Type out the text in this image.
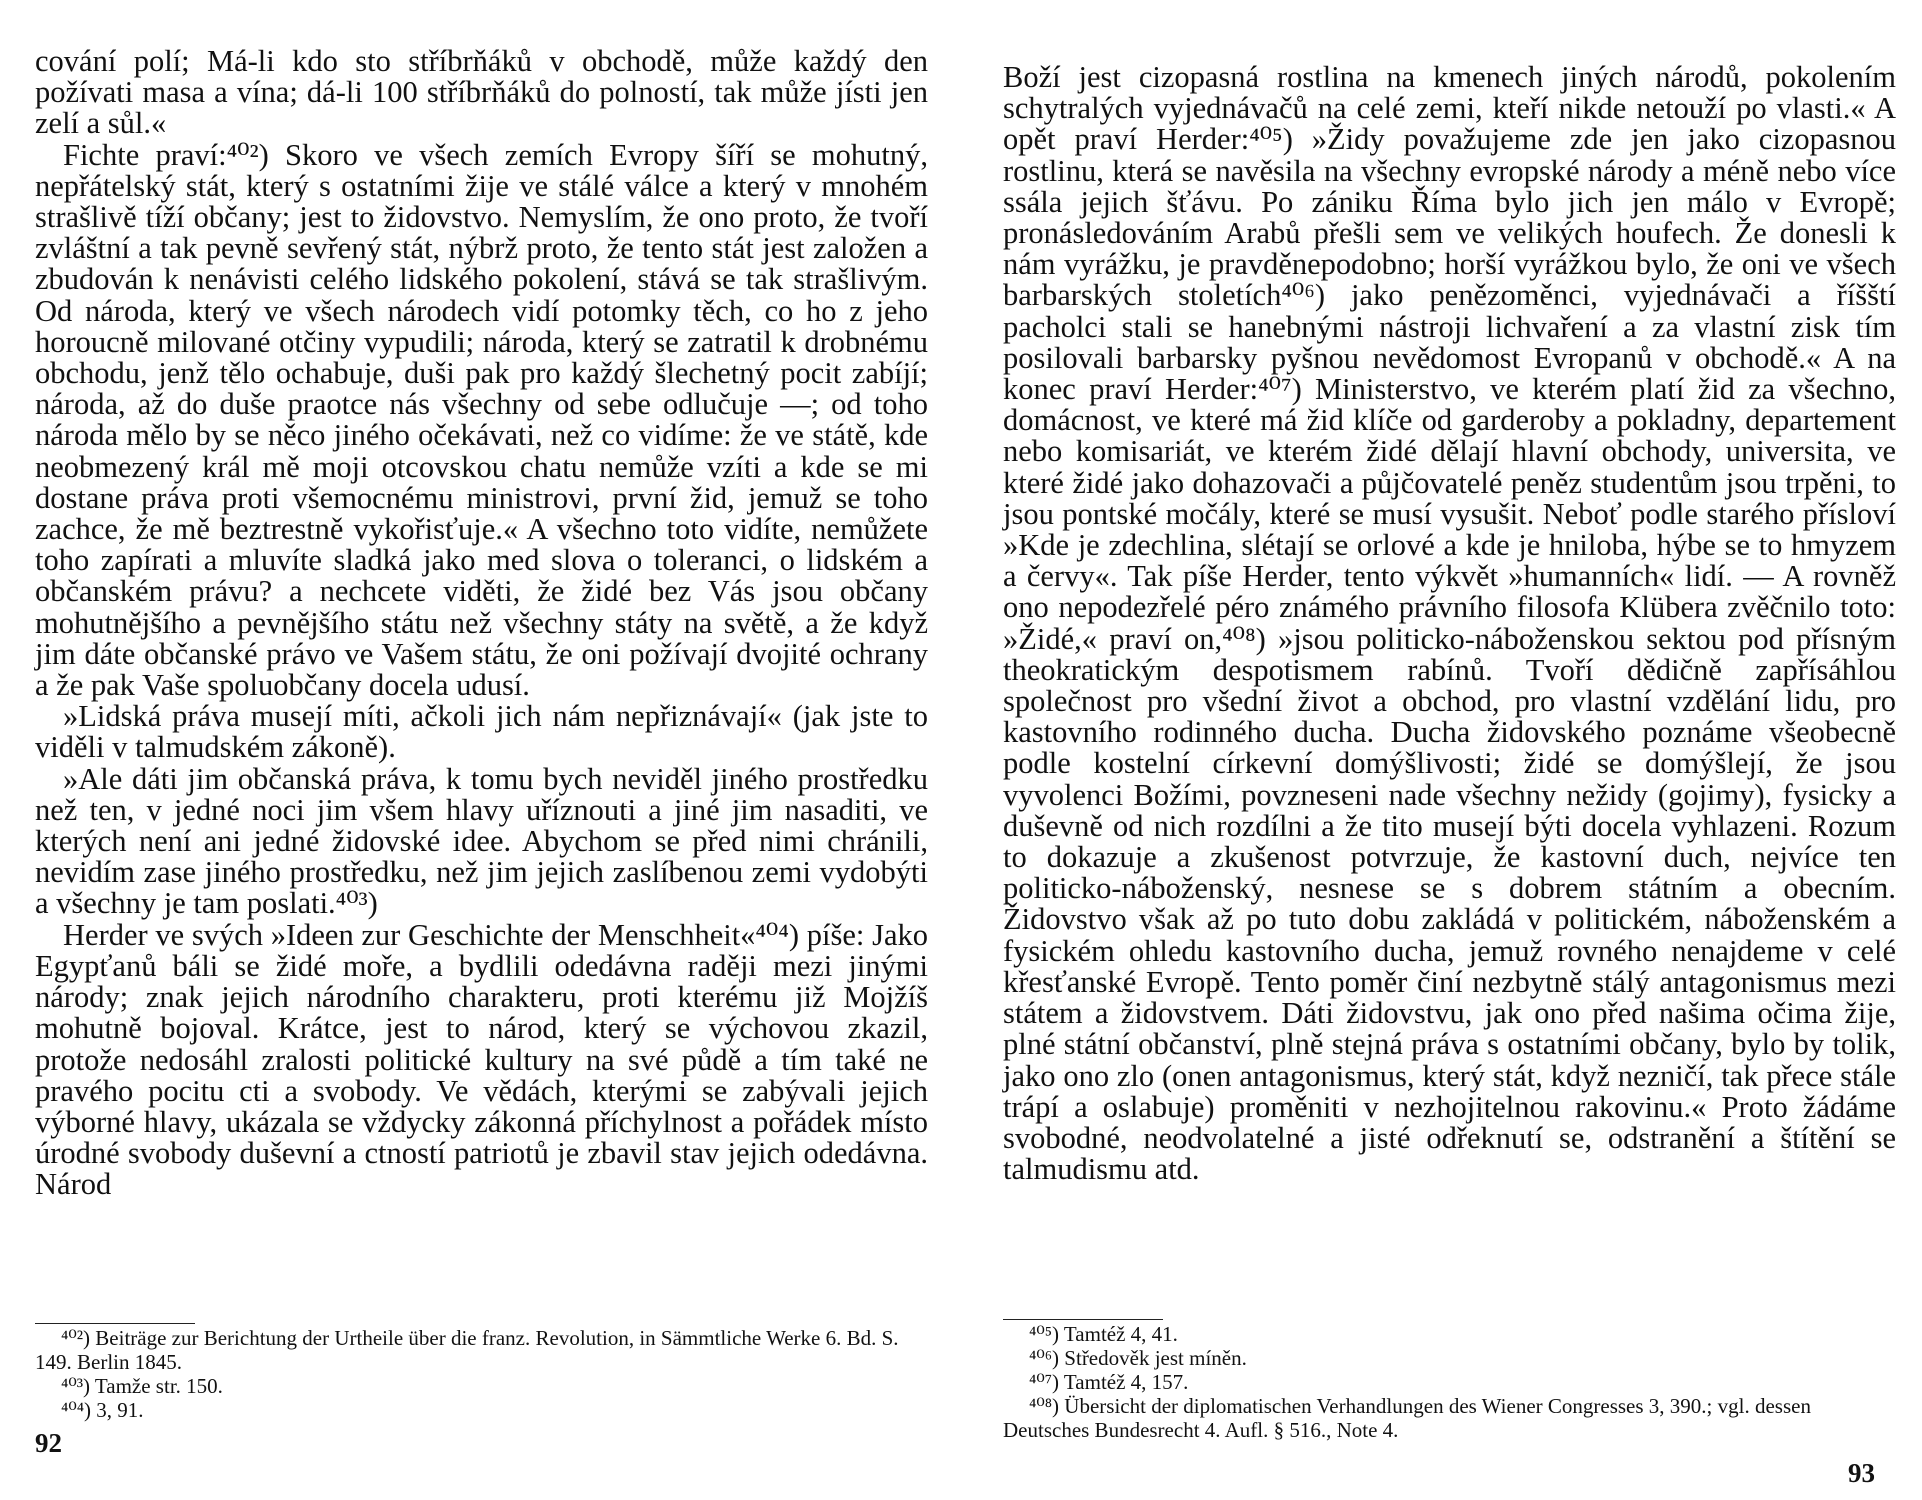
cování polí; Má-li kdo sto stříbrňáků v obchodě, může každý den požívati masa a vína; dá-li 100 stříbrňáků do polností, tak může jísti jen zelí a sůl.«

Fichte praví:⁴⁰²) Skoro ve všech zemích Evropy šíří se mohutný, nepřátelský stát, který s ostatními žije ve stálé válce a který v mnohém strašlivě tíží občany; jest to židovstvo. Nemyslím, že ono proto, že tvoří zvláštní a tak pevně sevřený stát, nýbrž proto, že tento stát jest založen a zbudován k nenávisti celého lidského pokolení, stává se tak strašlivým. Od národa, který ve všech národech vidí potomky těch, co ho z jeho horoucně milované otčiny vypudili; národa, který se zatratil k drobnému obchodu, jenž tělo ochabuje, duši pak pro každý šlechetný pocit zabíjí; národa, až do duše praotce nás všechny od sebe odlučuje —; od toho národa mělo by se něco jiného očekávati, než co vidíme: že ve státě, kde neobmezený král mě moji otcovskou chatu nemůže vzíti a kde se mi dostane práva proti všemocnému ministrovi, první žid, jemuž se toho zachce, že mě beztrestně vykořisťuje.« A všechno toto vidíte, nemůžete toho zapírati a mluvíte sladká jako med slova o toleranci, o lidském a občanském právu? a nechcete viděti, že židé bez Vás jsou občany mohutnějšího a pevnějšího státu než všechny státy na světě, a že když jim dáte občanské právo ve Vašem státu, že oni požívají dvojité ochrany a že pak Vaše spoluobčany docela udusí.

»Lidská práva musejí míti, ačkoli jich nám nepřiznávají« (jak jste to viděli v talmudském zákoně).

»Ale dáti jim občanská práva, k tomu bych neviděl jiného prostředku než ten, v jedné noci jim všem hlavy uříznouti a jiné jim nasaditi, ve kterých není ani jedné židovské idee. Abychom se před nimi chránili, nevidím zase jiného prostředku, než jim jejich zaslíbenou zemi vydobýti a všechny je tam poslati.⁴⁰³)

Herder ve svých »Ideen zur Geschichte der Menschheit«⁴⁰⁴) píše: Jako Egypťanů báli se židé moře, a bydlili odedávna raději mezi jinými národy; znak jejich národního charakteru, proti kterému již Mojžíš mohutně bojoval. Krátce, jest to národ, který se výchovou zkazil, protože nedosáhl zralosti politické kultury na své půdě a tím také ne pravého pocitu cti a svobody. Ve vědách, kterými se zabývali jejich výborné hlavy, ukázala se vždycky zákonná příchylnost a pořádek místo úrodné svobody duševní a ctností patriotů je zbavil stav jejich odedávna. Národ

⁴⁰²) Beiträge zur Berichtung der Urtheile über die franz. Revolution, in Sämmtliche Werke 6. Bd. S. 149. Berlin 1845.

⁴⁰³) Tamže str. 150.

⁴⁰⁴) 3, 91.

92

Boží jest cizopasná rostlina na kmenech jiných národů, pokolením schytralých vyjednávačů na celé zemi, kteří nikde netouží po vlasti.« A opět praví Herder:⁴⁰⁵) »Židy považujeme zde jen jako cizopasnou rostlinu, která se navěsila na všechny evropské národy a méně nebo více ssála jejich šťávu. Po zániku Říma bylo jich jen málo v Evropě; pronásledováním Arabů přešli sem ve velikých houfech. Že donesli k nám vyrážku, je pravděnepodobno; horší vyrážkou bylo, že oni ve všech barbarských stoletích⁴⁰⁶) jako penězoměnci, vyjednávači a říšští pacholci stali se hanebnými nástroji lichvaření a za vlastní zisk tím posilovali barbarsky pyšnou nevědomost Evropanů v obchodě.« A na konec praví Herder:⁴⁰⁷) Ministerstvo, ve kterém platí žid za všechno, domácnost, ve které má žid klíče od garderoby a pokladny, departement nebo komisariát, ve kterém židé dělají hlavní obchody, universita, ve které židé jako dohazovači a půjčovatelé peněz studentům jsou trpěni, to jsou pontské močály, které se musí vysušit. Neboť podle starého přísloví »Kde je zdechlina, slétají se orlové a kde je hniloba, hýbe se to hmyzem a červy«. Tak píše Herder, tento výkvět »humanních« lidí. — A rovněž ono nepodezřelé péro známého právního filosofa Klübera zvěčnilo toto: »Židé,« praví on,⁴⁰⁸) »jsou politicko-náboženskou sektou pod přísným theokratickým despotismem rabínů. Tvoří dědičně zapřísáhlou společnost pro všední život a obchod, pro vlastní vzdělání lidu, pro kastovního rodinného ducha. Ducha židovského poznáme všeobecně podle kostelní církevní domýšlivosti; židé se domýšlejí, že jsou vyvolenci Božími, povzneseni nade všechny nežidy (gojimy), fysicky a duševně od nich rozdílni a že tito musejí býti docela vyhlazeni. Rozum to dokazuje a zkušenost potvrzuje, že kastovní duch, nejvíce ten politicko-náboženský, nesnese se s dobrem státním a obecním. Židovstvo však až po tuto dobu zakládá v politickém, náboženském a fysickém ohledu kastovního ducha, jemuž rovného nenajdeme v celé křesťanské Evropě. Tento poměr činí nezbytně stálý antagonismus mezi státem a židovstvem. Dáti židovstvu, jak ono před našima očima žije, plné státní občanství, plně stejná práva s ostatními občany, bylo by tolik, jako ono zlo (onen antagonismus, který stát, když nezničí, tak přece stále trápí a oslabuje) proměniti v nezhojitelnou rakovinu.« Proto žádáme svobodné, neodvolatelné a jisté odřeknutí se, odstranění a štítění se talmudismu atd.

⁴⁰⁵) Tamtéž 4, 41.

⁴⁰⁶) Středověk jest míněn.

⁴⁰⁷) Tamtéž 4, 157.

⁴⁰⁸) Übersicht der diplomatischen Verhandlungen des Wiener Congresses 3, 390.; vgl. dessen Deutsches Bundesrecht 4. Aufl. § 516., Note 4.

93
